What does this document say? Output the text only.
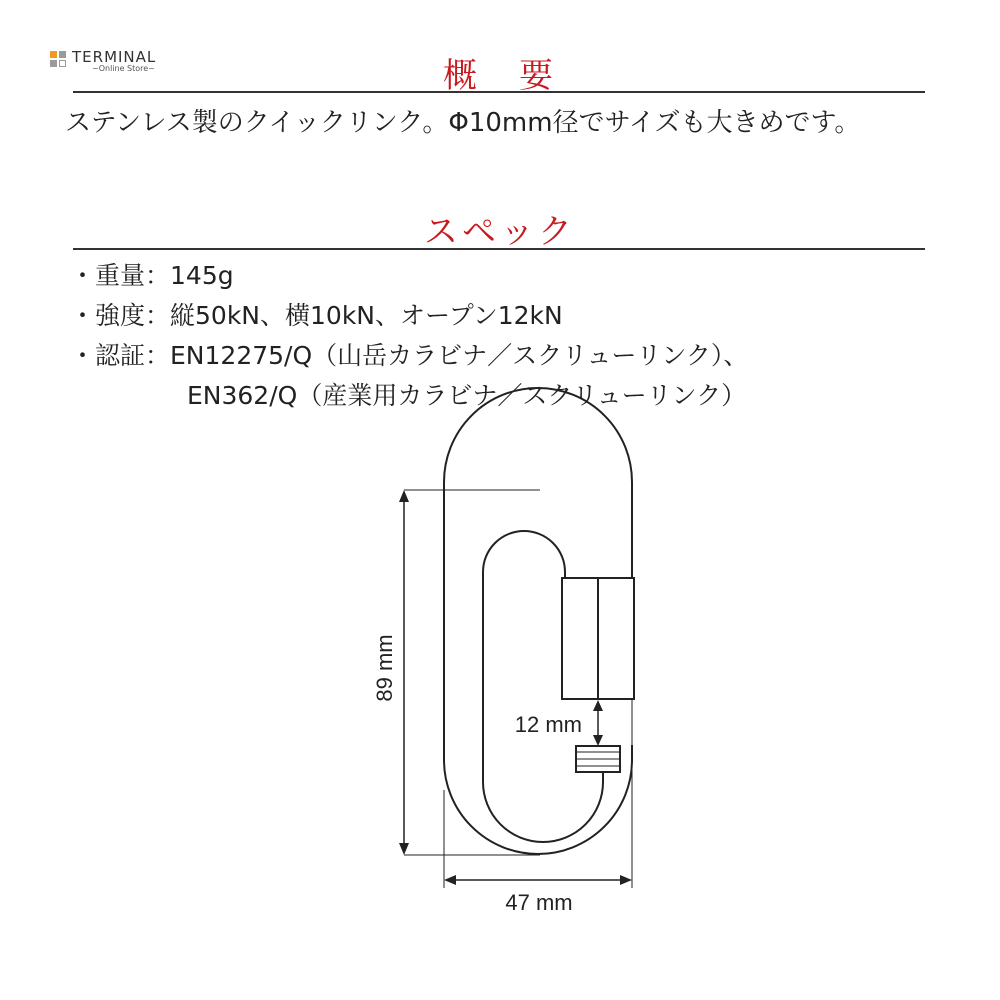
TERMINAL
~Online Store~	概　要

ステンレス製のクイックリンク。Φ10mm径でサイズも大きめです。

スペック
・重量：145g
・強度：縦50kN、横10kN、オープン12kN
・認証：EN12275/Q（山岳カラビナ／スクリューリンク）、
EN362/Q（産業用カラビナ／スクリューリンク）
89 mm
12 mm
47 mm
